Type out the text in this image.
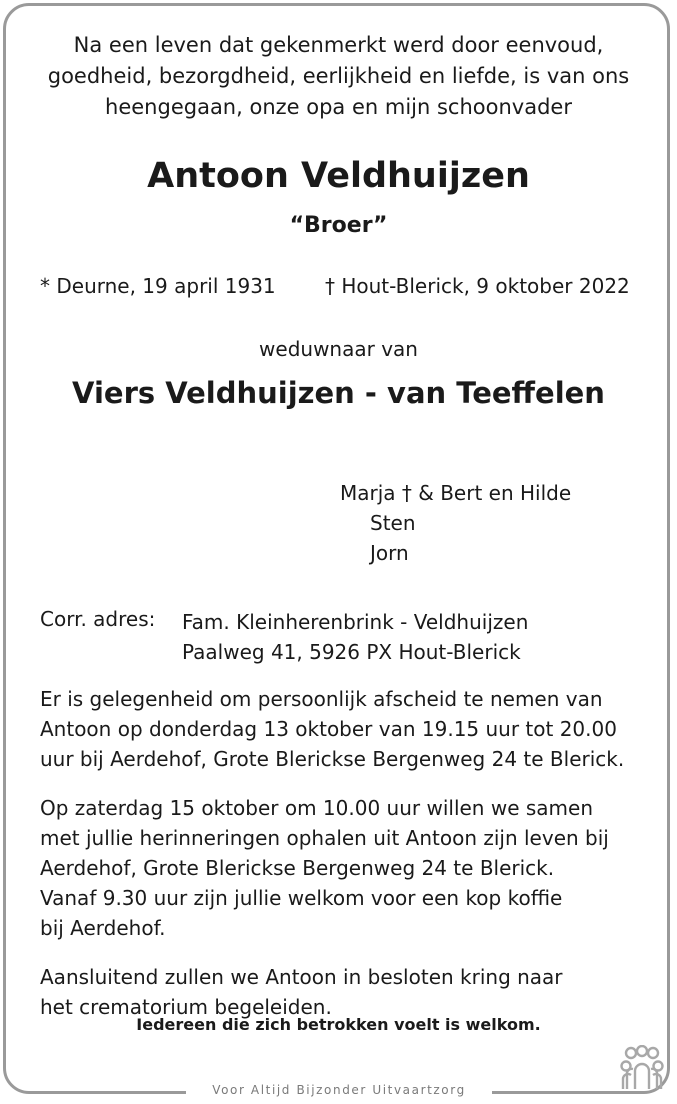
Na een leven dat gekenmerkt werd door eenvoud,
goedheid, bezorgdheid, eerlijkheid en liefde, is van ons
heengegaan, onze opa en mijn schoonvader
Antoon Veldhuijzen
“Broer”
* Deurne, 19 april 1931 † Hout-Blerick, 9 oktober 2022
weduwnaar van
Viers Veldhuijzen - van Teeffelen
Marja † & Bert en Hilde
Sten
Jorn
Corr. adres: Fam. Kleinherenbrink - Veldhuijzen
Paalweg 41, 5926 PX Hout-Blerick
Er is gelegenheid om persoonlijk afscheid te nemen van
Antoon op donderdag 13 oktober van 19.15 uur tot 20.00
uur bij Aerdehof, Grote Blerickse Bergenweg 24 te Blerick.
Op zaterdag 15 oktober om 10.00 uur willen we samen
met jullie herinneringen ophalen uit Antoon zijn leven bij
Aerdehof, Grote Blerickse Bergenweg 24 te Blerick.
Vanaf 9.30 uur zijn jullie welkom voor een kop koffie
bij Aerdehof.
Aansluitend zullen we Antoon in besloten kring naar
het crematorium begeleiden.
Iedereen die zich betrokken voelt is welkom.
Voor Altijd Bijzonder Uitvaartzorg
